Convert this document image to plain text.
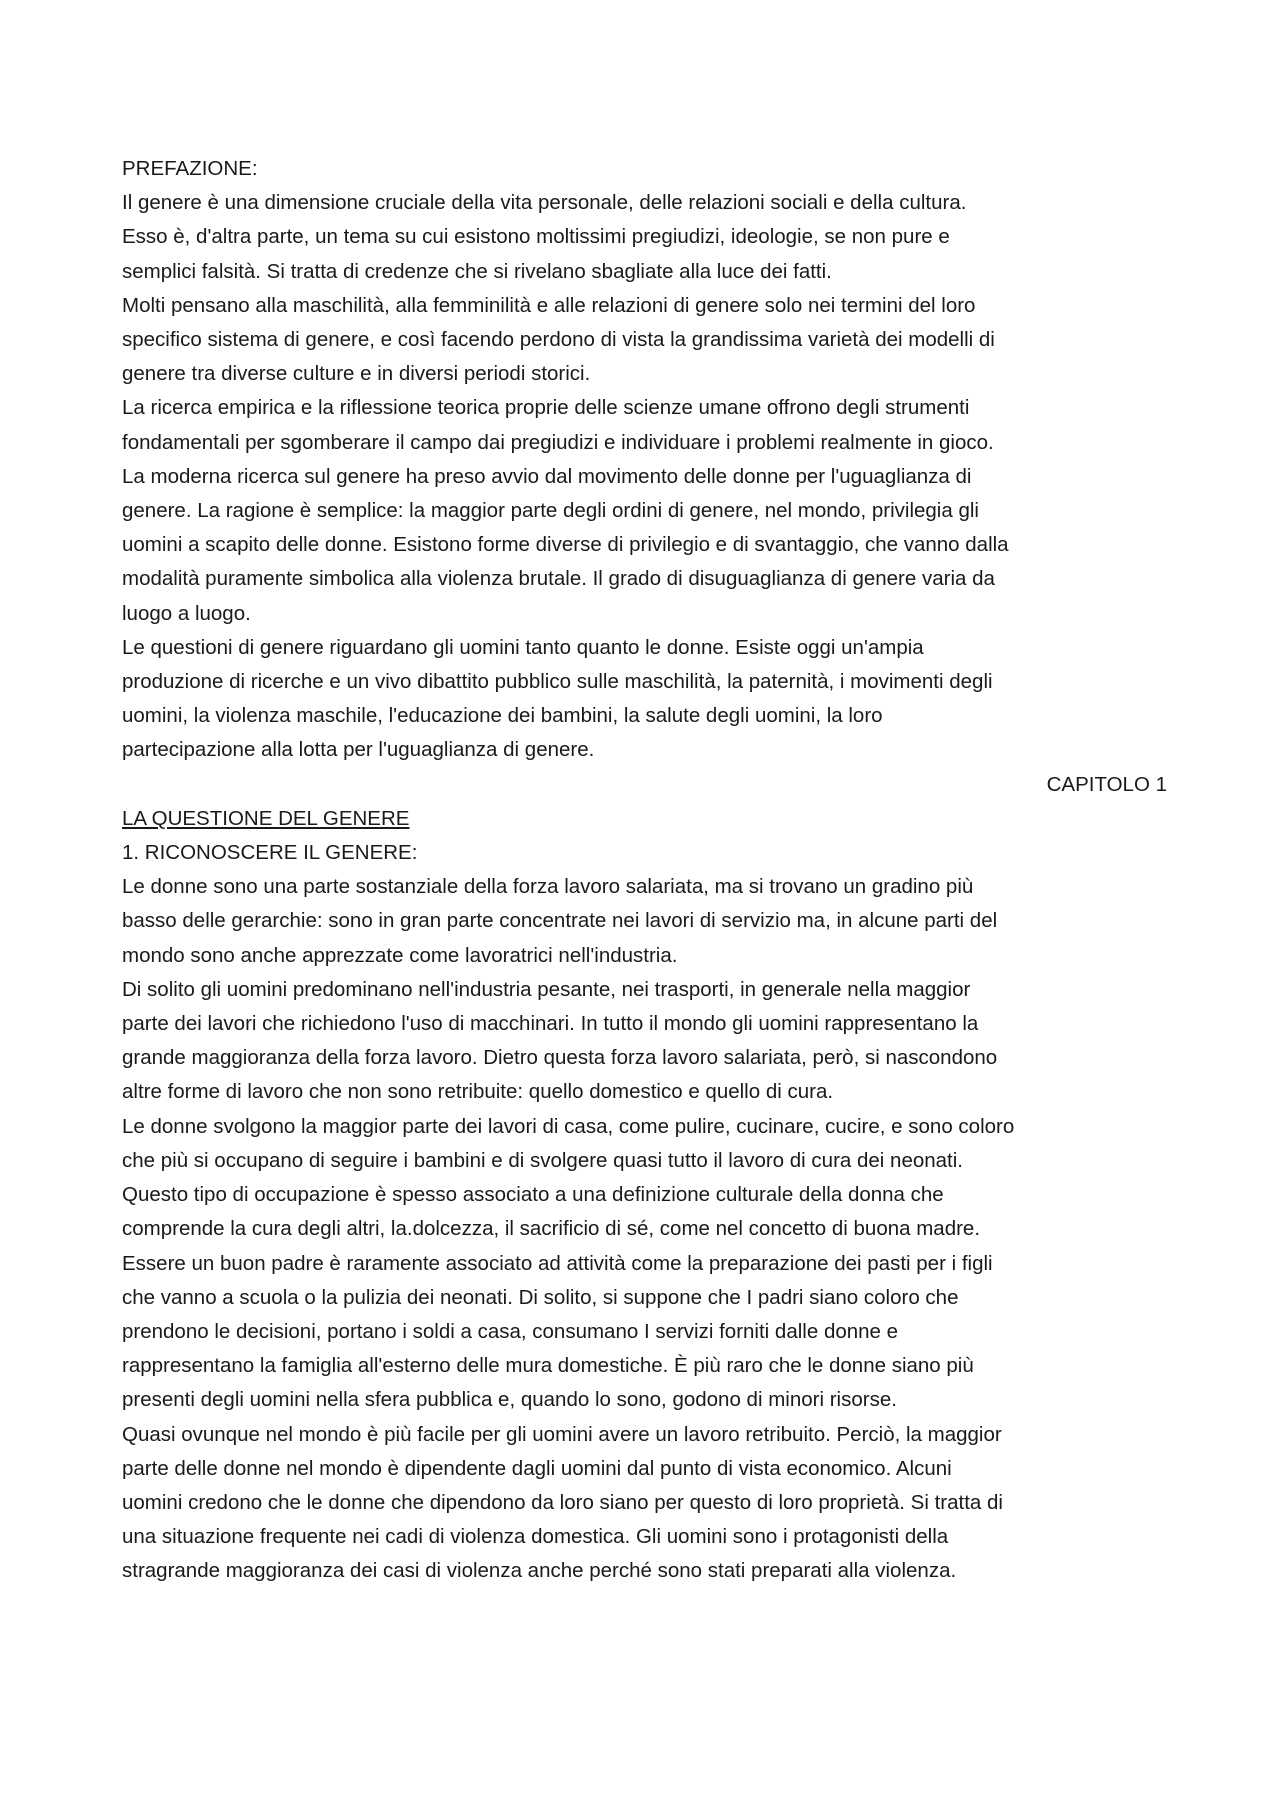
PREFAZIONE:

Il genere è una dimensione cruciale della vita personale, delle relazioni sociali e della cultura.

Esso è, d'altra parte, un tema su cui esistono moltissimi pregiudizi, ideologie, se non pure e

semplici falsità. Si tratta di credenze che si rivelano sbagliate alla luce dei fatti.

Molti pensano alla maschilità, alla femminilità e alle relazioni di genere solo nei termini del loro

specifico sistema di genere, e così facendo perdono di vista la grandissima varietà dei modelli di

genere tra diverse culture e in diversi periodi storici.

La ricerca empirica e la riflessione teorica proprie delle scienze umane offrono degli strumenti

fondamentali per sgomberare il campo dai pregiudizi e individuare i problemi realmente in gioco.

La moderna ricerca sul genere ha preso avvio dal movimento delle donne per l'uguaglianza di

genere. La ragione è semplice: la maggior parte degli ordini di genere, nel mondo, privilegia gli

uomini a scapito delle donne. Esistono forme diverse di privilegio e di svantaggio, che vanno dalla

modalità puramente simbolica alla violenza brutale. Il grado di disuguaglianza di genere varia da

luogo a luogo.

Le questioni di genere riguardano gli uomini tanto quanto le donne. Esiste oggi un'ampia

produzione di ricerche e un vivo dibattito pubblico sulle maschilità, la paternità, i movimenti degli

uomini, la violenza maschile, l'educazione dei bambini, la salute degli uomini, la loro

partecipazione alla lotta per l'uguaglianza di genere.

CAPITOLO 1

LA QUESTIONE DEL GENERE

1. RICONOSCERE IL GENERE:

Le donne sono una parte sostanziale della forza lavoro salariata, ma si trovano un gradino più

basso delle gerarchie: sono in gran parte concentrate nei lavori di servizio ma, in alcune parti del

mondo sono anche apprezzate come lavoratrici nell'industria.

Di solito gli uomini predominano nell'industria pesante, nei trasporti, in generale nella maggior

parte dei lavori che richiedono l'uso di macchinari. In tutto il mondo gli uomini rappresentano la

grande maggioranza della forza lavoro. Dietro questa forza lavoro salariata, però, si nascondono

altre forme di lavoro che non sono retribuite: quello domestico e quello di cura.

Le donne svolgono la maggior parte dei lavori di casa, come pulire, cucinare, cucire, e sono coloro

che più si occupano di seguire i bambini e di svolgere quasi tutto il lavoro di cura dei neonati.

Questo tipo di occupazione è spesso associato a una definizione culturale della donna che

comprende la cura degli altri, la.dolcezza, il sacrificio di sé, come nel concetto di buona madre.

Essere un buon padre è raramente associato ad attività come la preparazione dei pasti per i figli

che vanno a scuola o la pulizia dei neonati. Di solito, si suppone che I padri siano coloro che

prendono le decisioni, portano i soldi a casa, consumano I servizi forniti dalle donne e

rappresentano la famiglia all'esterno delle mura domestiche. È più raro che le donne siano più

presenti degli uomini nella sfera pubblica e, quando lo sono, godono di minori risorse.

Quasi ovunque nel mondo è più facile per gli uomini avere un lavoro retribuito. Perciò, la maggior

parte delle donne nel mondo è dipendente dagli uomini dal punto di vista economico. Alcuni

uomini credono che le donne che dipendono da loro siano per questo di loro proprietà. Si tratta di

una situazione frequente nei cadi di violenza domestica. Gli uomini sono i protagonisti della

stragrande maggioranza dei casi di violenza anche perché sono stati preparati alla violenza.
